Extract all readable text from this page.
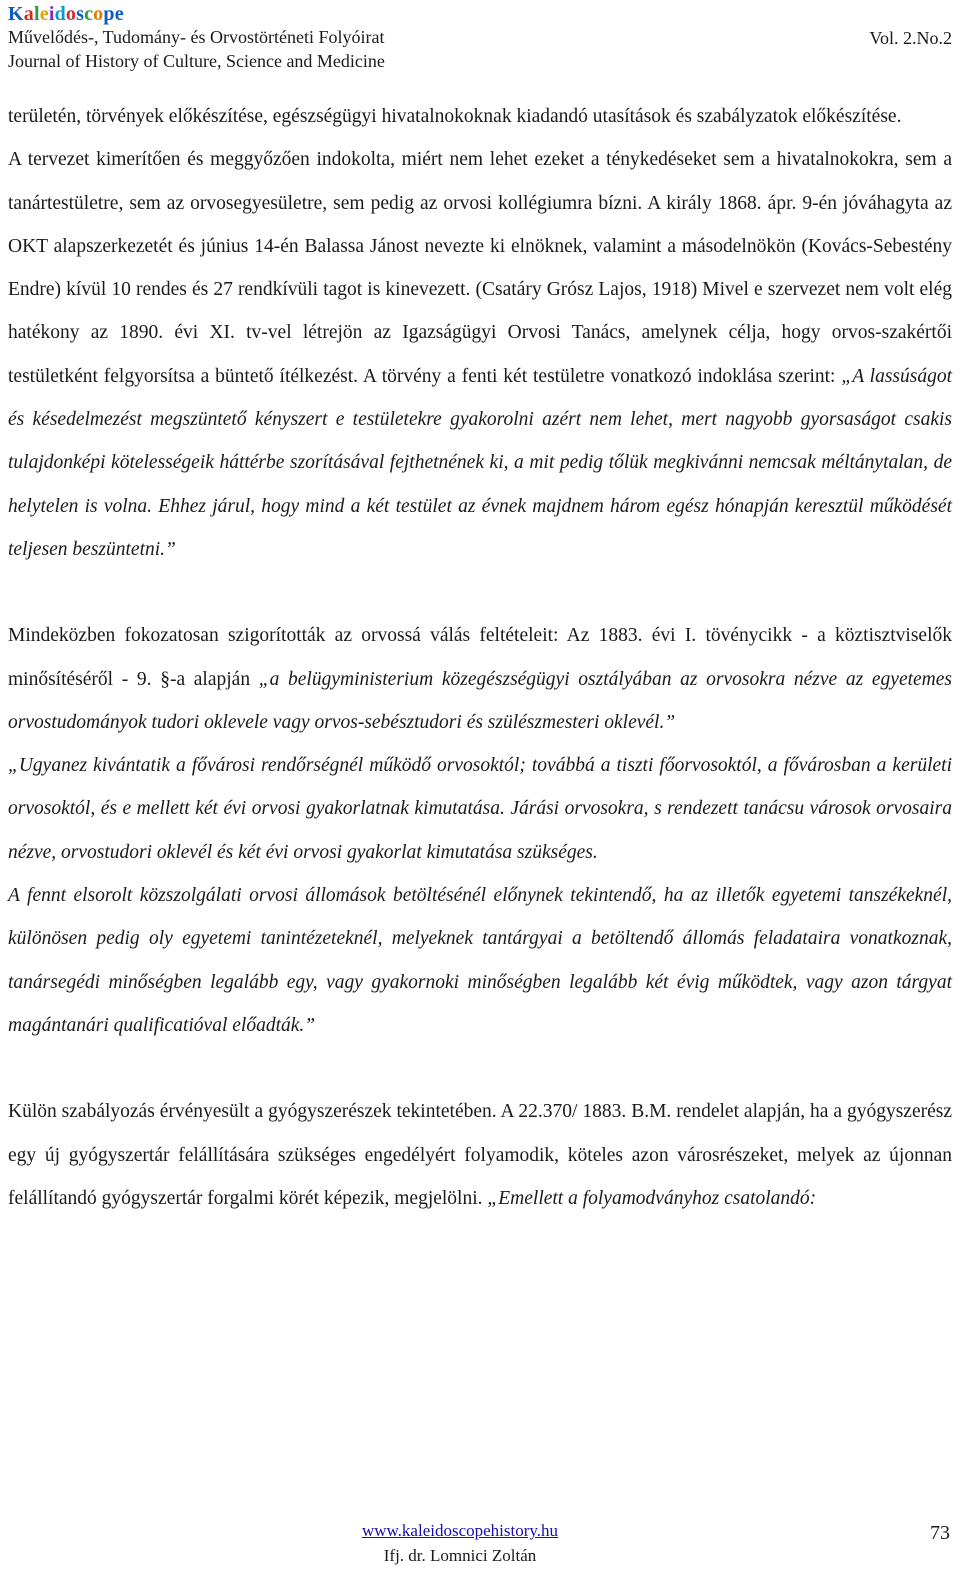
Kaleidoscope
Művelődés-, Tudomány- és Orvostörténeti Folyóirat
Journal of History of Culture, Science and Medicine
Vol. 2.No.2

területén, törvények előkészítése, egészségügyi hivatalnokoknak kiadandó utasítások és szabályzatok előkészítése.

A tervezet kimerítően és meggyőzően indokolta, miért nem lehet ezeket a ténykedéseket sem a hivatalnokokra, sem a tanártestületre, sem az orvosegyesületre, sem pedig az orvosi kollégiumra bízni. A király 1868. ápr. 9-én jóváhagyta az OKT alapszerkezetét és június 14-én Balassa Jánost nevezte ki elnöknek, valamint a másodelnökön (Kovács-Sebestény Endre) kívül 10 rendes és 27 rendkívüli tagot is kinevezett. (Csatáry Grósz Lajos, 1918) Mivel e szervezet nem volt elég hatékony az 1890. évi XI. tv-vel létrejön az Igazságügyi Orvosi Tanács, amelynek célja, hogy orvos-szakértői testületként felgyorsítsa a büntető ítélkezést. A törvény a fenti két testületre vonatkozó indoklása szerint: „A lassúságot és késedelmezést megszüntető kényszert e testületekre gyakorolni azért nem lehet, mert nagyobb gyorsaságot csakis tulajdonképi kötelességeik háttérbe szorításával fejthetnének ki, a mit pedig tőlük megkivánni nemcsak méltánytalan, de helytelen is volna. Ehhez járul, hogy mind a két testület az évnek majdnem három egész hónapján keresztül működését teljesen beszüntetni.”

Mindeközben fokozatosan szigorították az orvossá válás feltételeit: Az 1883. évi I. tövénycikk - a köztisztviselők minősítéséről - 9. §-a alapján „a belügyministerium közegészségügyi osztályában az orvosokra nézve az egyetemes orvostudományok tudori oklevele vagy orvos-sebésztudori és szülészmesteri oklevél.”

„Ugyanez kivántatik a fővárosi rendőrségnél működő orvosoktól; továbbá a tiszti főorvosoktól, a fővárosban a kerületi orvosoktól, és e mellett két évi orvosi gyakorlatnak kimutatása. Járási orvosokra, s rendezett tanácsu városok orvosaira nézve, orvostudori oklevél és két évi orvosi gyakorlat kimutatása szükséges.

A fennt elsorolt közszolgálati orvosi állomások betöltésénél előnynek tekintendő, ha az illetők egyetemi tanszékeknél, különösen pedig oly egyetemi tanintézeteknél, melyeknek tantárgyai a betöltendő állomás feladataira vonatkoznak, tanársegédi minőségben legalább egy, vagy gyakornoki minőségben legalább két évig működtek, vagy azon tárgyat magántanári qualificatióval előadták.”

Külön szabályozás érvényesült a gyógyszerészek tekintetében. A 22.370/ 1883. B.M. rendelet alapján, ha a gyógyszerész egy új gyógyszertár felállítására szükséges engedélyért folyamodik, köteles azon városrészeket, melyek az újonnan felállítandó gyógyszertár forgalmi körét képezik, megjelölni. „Emellett a folyamodványhoz csatolandó:

www.kaleidoscopehistory.hu
Ifj. dr. Lomnici Zoltán
73
